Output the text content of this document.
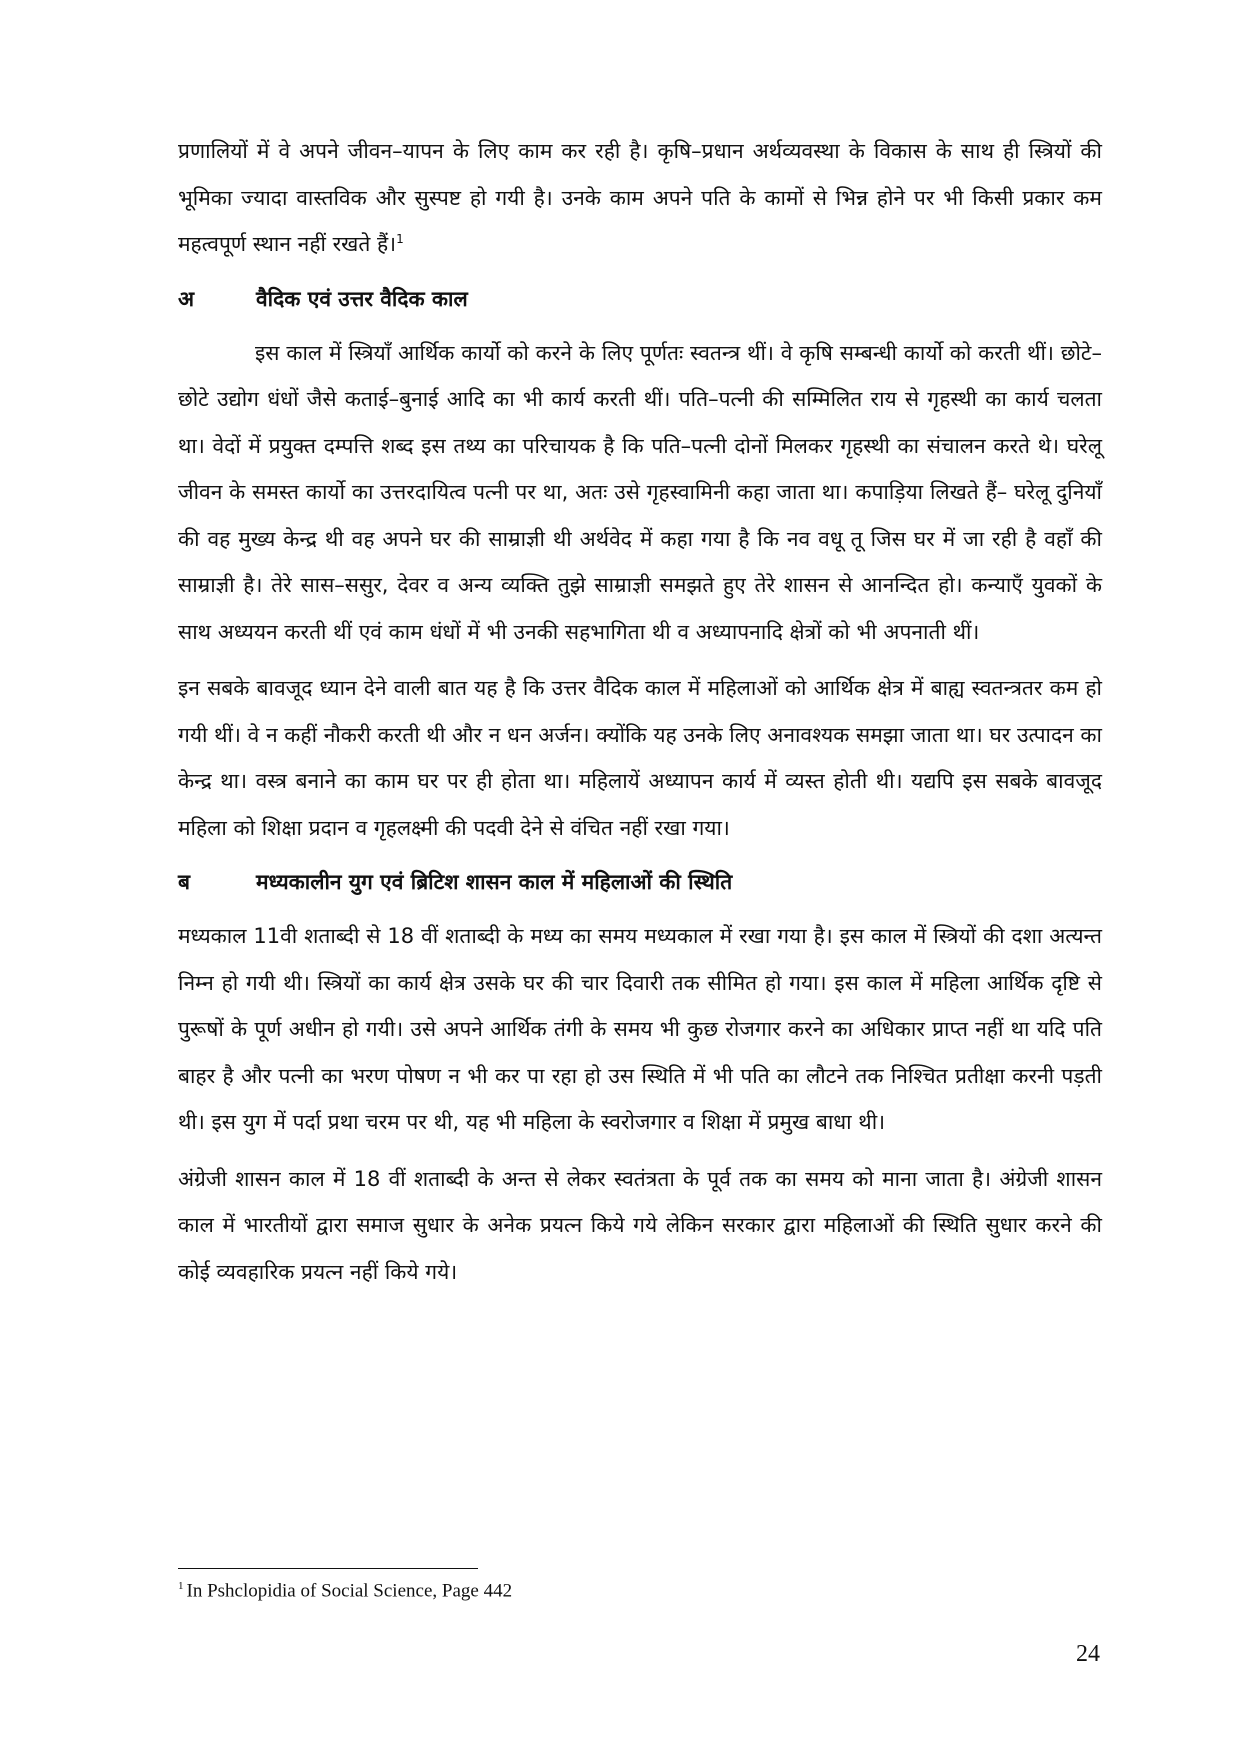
प्रणालियों में वे अपने जीवन–यापन के लिए काम कर रही है। कृषि–प्रधान अर्थव्यवस्था के विकास के साथ ही स्त्रियों की भूमिका ज्यादा वास्तविक और सुस्पष्ट हो गयी है। उनके काम अपने पति के कामों से भिन्न होने पर भी किसी प्रकार कम महत्वपूर्ण स्थान नहीं रखते हैं।$^1$

अ	वैदिक एवं उत्तर वैदिक काल

इस काल में स्त्रियॉं आर्थिक कार्यो को करने के लिए पूर्णतः स्वतन्त्र थीं। वे कृषि सम्बन्धी कार्यो को करती थीं। छोटे–छोटे उद्योग धंधों जैसे कताई–बुनाई आदि का भी कार्य करती थीं। पति–पत्नी की सम्मिलित राय से गृहस्थी का कार्य चलता था। वेदों में प्रयुक्त दम्पत्ति शब्द इस तथ्य का परिचायक है कि पति–पत्नी दोनों मिलकर गृहस्थी का संचालन करते थे। घरेलू जीवन के समस्त कार्यो का उत्तरदायित्व पत्नी पर था, अतः उसे गृहस्वामिनी कहा जाता था। कपाड़िया लिखते हैं– घरेलू दुनियॉं की वह मुख्य केन्द्र थी वह अपने घर की साम्राज्ञी थी अर्थवेद में कहा गया है कि नव वधू तू जिस घर में जा रही है वहॉं की साम्राज्ञी है। तेरे सास–ससुर, देवर व अन्य व्यक्ति तुझे साम्राज्ञी समझते हुए तेरे शासन से आनन्दित हो। कन्याऍं युवकों के साथ अध्ययन करती थीं एवं काम धंधों में भी उनकी सहभागिता थी व अध्यापनादि क्षेत्रों को भी अपनाती थीं।

इन सबके बावजूद ध्यान देने वाली बात यह है कि उत्तर वैदिक काल में महिलाओं को आर्थिक क्षेत्र में बाह्य स्वतन्त्रतर कम हो गयी थीं। वे न कहीं नौकरी करती थी और न धन अर्जन। क्योंकि यह उनके लिए अनावश्यक समझा जाता था। घर उत्पादन का केन्द्र था। वस्त्र बनाने का काम घर पर ही होता था। महिलायें अध्यापन कार्य में व्यस्त होती थी। यद्यपि इस सबके बावजूद महिला को शिक्षा प्रदान व गृहलक्ष्मी की पदवी देने से वंचित नहीं रखा गया।

ब	मध्यकालीन युग एवं ब्रिटिश शासन काल में महिलाओं की स्थिति

मध्यकाल 11वी शताब्दी से 18 वीं शताब्दी के मध्य का समय मध्यकाल में रखा गया है। इस काल में स्त्रियों की दशा अत्यन्त निम्न हो गयी थी। स्त्रियों का कार्य क्षेत्र उसके घर की चार दिवारी तक सीमित हो गया। इस काल में महिला आर्थिक दृष्टि से पुरूषों के पूर्ण अधीन हो गयी। उसे अपने आर्थिक तंगी के समय भी कुछ रोजगार करने का अधिकार प्राप्त नहीं था यदि पति बाहर है और पत्नी का भरण पोषण न भी कर पा रहा हो उस स्थिति में भी पति का लौटने तक निश्चित प्रतीक्षा करनी पड़ती थी। इस युग में पर्दा प्रथा चरम पर थी, यह भी महिला के स्वरोजगार व शिक्षा में प्रमुख बाधा थी।

अंग्रेजी शासन काल में 18 वीं शताब्दी के अन्त से लेकर स्वतंत्रता के पूर्व तक का समय को माना जाता है। अंग्रेजी शासन काल में भारतीयों द्वारा समाज सुधार के अनेक प्रयत्न किये गये लेकिन सरकार द्वारा महिलाओं की स्थिति सुधार करने की कोई व्यवहारिक प्रयत्न नहीं किये गये।

$^1$ In Pshclopidia of Social Science, Page 442
24
